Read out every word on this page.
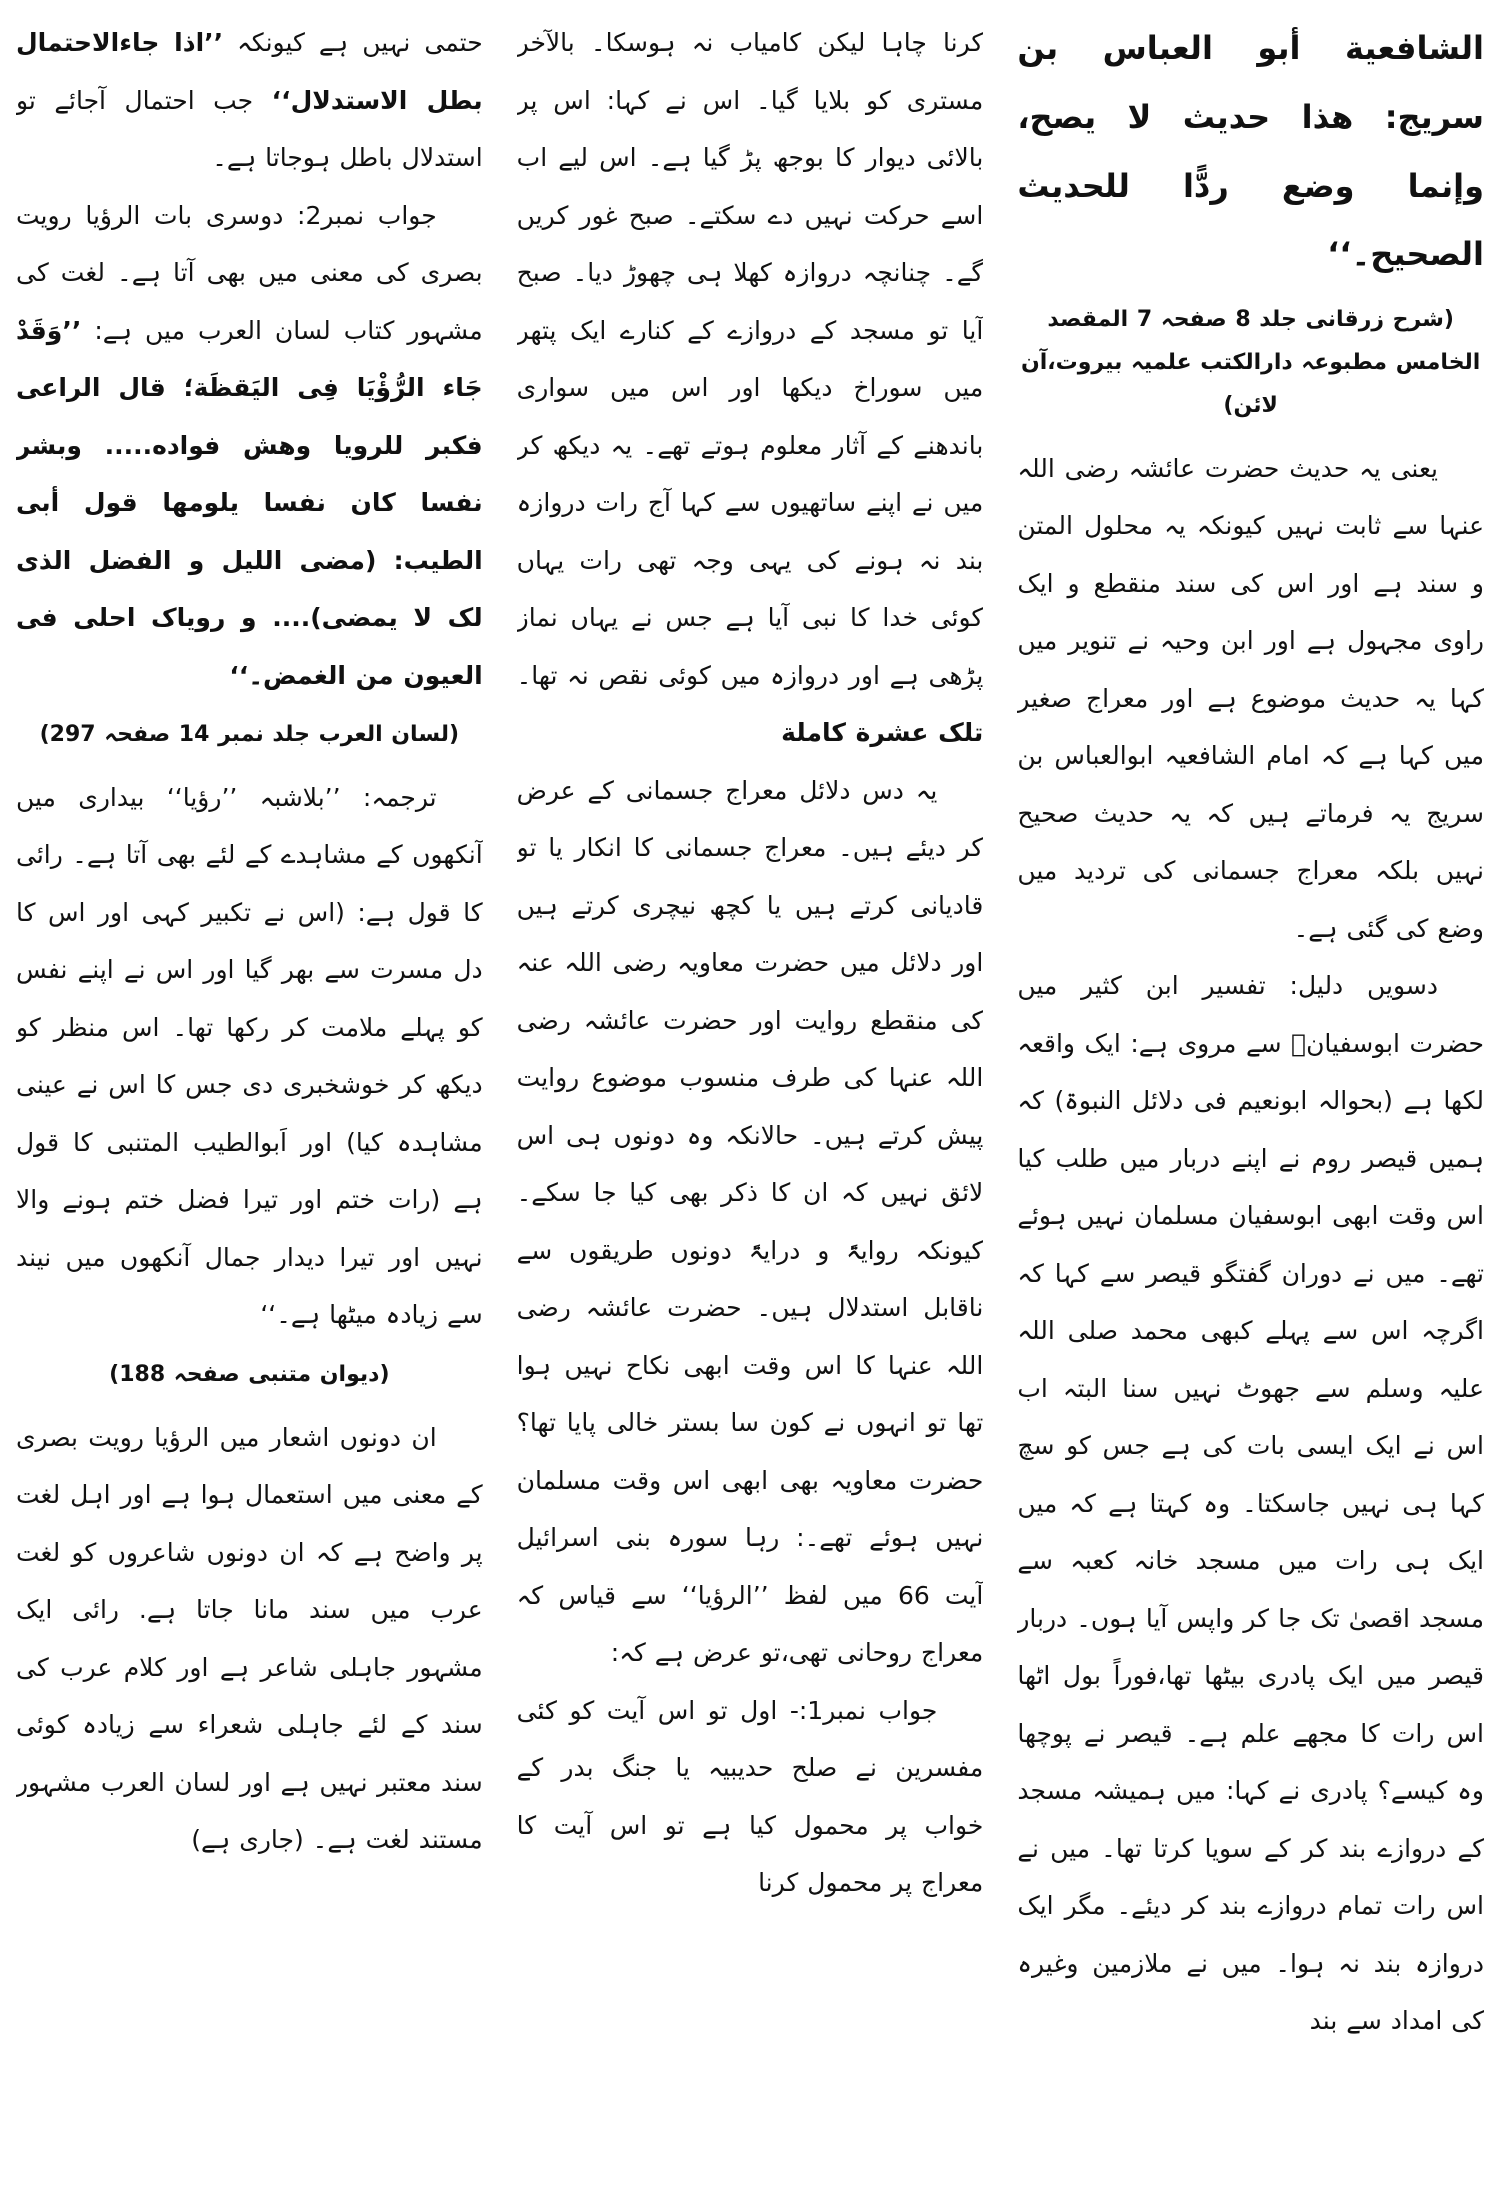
الشافعية أبو العباس بن سريج: هذا حديث لا يصح، وإنما وضع ردًّا للحديث الصحيح۔‘‘

(شرح زرقانی جلد 8 صفحہ 7 المقصد الخامس مطبوعہ دارالکتب علمیہ بیروت،آن لائن)

یعنی یہ حدیث حضرت عائشہ رضی اللہ عنہا سے ثابت نہیں کیونکہ یہ محلول المتن و سند ہے اور اس کی سند منقطع و ایک راوی مجہول ہے اور ابن وحیہ نے تنویر میں کہا یہ حدیث موضوع ہے اور معراج صغیر میں کہا ہے کہ امام الشافعیہ ابوالعباس بن سریج یہ فرماتے ہیں کہ یہ حدیث صحیح نہیں بلکہ معراج جسمانی کی تردید میں وضع کی گئی ہے۔

دسویں دلیل: تفسیر ابن کثیر میں حضرت ابوسفیانؓ سے مروی ہے: ایک واقعہ لکھا ہے (بحوالہ ابونعیم فی دلائل النبوۃ) کہ ہمیں قیصر روم نے اپنے دربار میں طلب کیا اس وقت ابھی ابوسفیان مسلمان نہیں ہوئے تھے۔ میں نے دوران گفتگو قیصر سے کہا کہ اگرچہ اس سے پہلے کبھی محمد صلی اللہ علیہ وسلم سے جھوٹ نہیں سنا البتہ اب اس نے ایک ایسی بات کی ہے جس کو سچ کہا ہی نہیں جاسکتا۔ وہ کہتا ہے کہ میں ایک ہی رات میں مسجد خانہ کعبہ سے مسجد اقصیٰ تک جا کر واپس آیا ہوں۔ دربار قیصر میں ایک پادری بیٹھا تھا،فوراً بول اٹھا اس رات کا مجھے علم ہے۔ قیصر نے پوچھا وہ کیسے؟ پادری نے کہا: میں ہمیشہ مسجد کے دروازے بند کر کے سویا کرتا تھا۔ میں نے اس رات تمام دروازے بند کر دیئے۔ مگر ایک دروازہ بند نہ ہوا۔ میں نے ملازمین وغیرہ کی امداد سے بند

کرنا چاہا لیکن کامیاب نہ ہوسکا۔ بالآخر مستری کو بلایا گیا۔ اس نے کہا: اس پر بالائی دیوار کا بوجھ پڑ گیا ہے۔ اس لیے اب اسے حرکت نہیں دے سکتے۔ صبح غور کریں گے۔ چنانچہ دروازہ کھلا ہی چھوڑ دیا۔ صبح آیا تو مسجد کے دروازے کے کنارے ایک پتھر میں سوراخ دیکھا اور اس میں سواری باندھنے کے آثار معلوم ہوتے تھے۔ یہ دیکھ کر میں نے اپنے ساتھیوں سے کہا آج رات دروازہ بند نہ ہونے کی یہی وجہ تھی رات یہاں کوئی خدا کا نبی آیا ہے جس نے یہاں نماز پڑھی ہے اور دروازہ میں کوئی نقص نہ تھا۔تلک عشرة کاملة

یہ دس دلائل معراج جسمانی کے عرض کر دیئے ہیں۔ معراج جسمانی کا انکار یا تو قادیانی کرتے ہیں یا کچھ نیچری کرتے ہیں اور دلائل میں حضرت معاویہ رضی اللہ عنہ کی منقطع روایت اور حضرت عائشہ رضی اللہ عنہا کی طرف منسوب موضوع روایت پیش کرتے ہیں۔ حالانکہ وہ دونوں ہی اس لائق نہیں کہ ان کا ذکر بھی کیا جا سکے۔ کیونکہ روایۃً و درایۃً دونوں طریقوں سے ناقابل استدلال ہیں۔ حضرت عائشہ رضی اللہ عنہا کا اس وقت ابھی نکاح نہیں ہوا تھا تو انہوں نے کون سا بستر خالی پایا تھا؟ حضرت معاویہ بھی ابھی اس وقت مسلمان نہیں ہوئے تھے۔: رہا سورہ بنی اسرائیل آیت 66 میں لفظ ’’الرؤیا‘‘ سے قیاس کہ معراج روحانی تھی،تو عرض ہے کہ:

جواب نمبر1:- اول تو اس آیت کو کئی مفسرین نے صلح حدیبیہ یا جنگ بدر کے خواب پر محمول کیا ہے تو اس آیت کا معراج پر محمول کرنا

حتمی نہیں ہے کیونکہ ’’اذا جاءالاحتمال بطل الاستدلال‘‘ جب احتمال آجائے تو استدلال باطل ہوجاتا ہے۔

جواب نمبر2: دوسری بات الرؤیا رویت بصری کی معنی میں بھی آتا ہے۔ لغت کی مشہور کتاب لسان العرب میں ہے: ’’وَقَدْ جَاء الرُّؤْيَا فِی الیَقظَة؛ قال الراعی فکبر للرویا وھش فواده..... وبشر نفسا کان نفسا یلومھا قول أبی الطیب: (مضی اللیل و الفضل الذی لک لا یمضی).... و رویاک احلی فی العیون من الغمض۔‘‘

(لسان العرب جلد نمبر 14 صفحہ 297)

ترجمہ: ’’بلاشبہ ’’رؤیا‘‘ بیداری میں آنکھوں کے مشاہدے کے لئے بھی آتا ہے۔ رائی کا قول ہے: (اس نے تکبیر کہی اور اس کا دل مسرت سے بھر گیا اور اس نے اپنے نفس کو پہلے ملامت کر رکھا تھا۔ اس منظر کو دیکھ کر خوشخبری دی جس کا اس نے عینی مشاہدہ کیا) اور اَبوالطیب المتنبی کا قول ہے (رات ختم اور تیرا فضل ختم ہونے والا نہیں اور تیرا دیدار جمال آنکھوں میں نیند سے زیادہ میٹھا ہے۔‘‘

(دیوان متنبی صفحہ 188)

ان دونوں اشعار میں الرؤیا رویت بصری کے معنی میں استعمال ہوا ہے اور اہل لغت پر واضح ہے کہ ان دونوں شاعروں کو لغت عرب میں سند مانا جاتا ہے. رائی ایک مشہور جاہلی شاعر ہے اور کلام عرب کی سند کے لئے جاہلی شعراء سے زیادہ کوئی سند معتبر نہیں ہے اور لسان العرب مشہور مستند لغت ہے۔ (جاری ہے)
